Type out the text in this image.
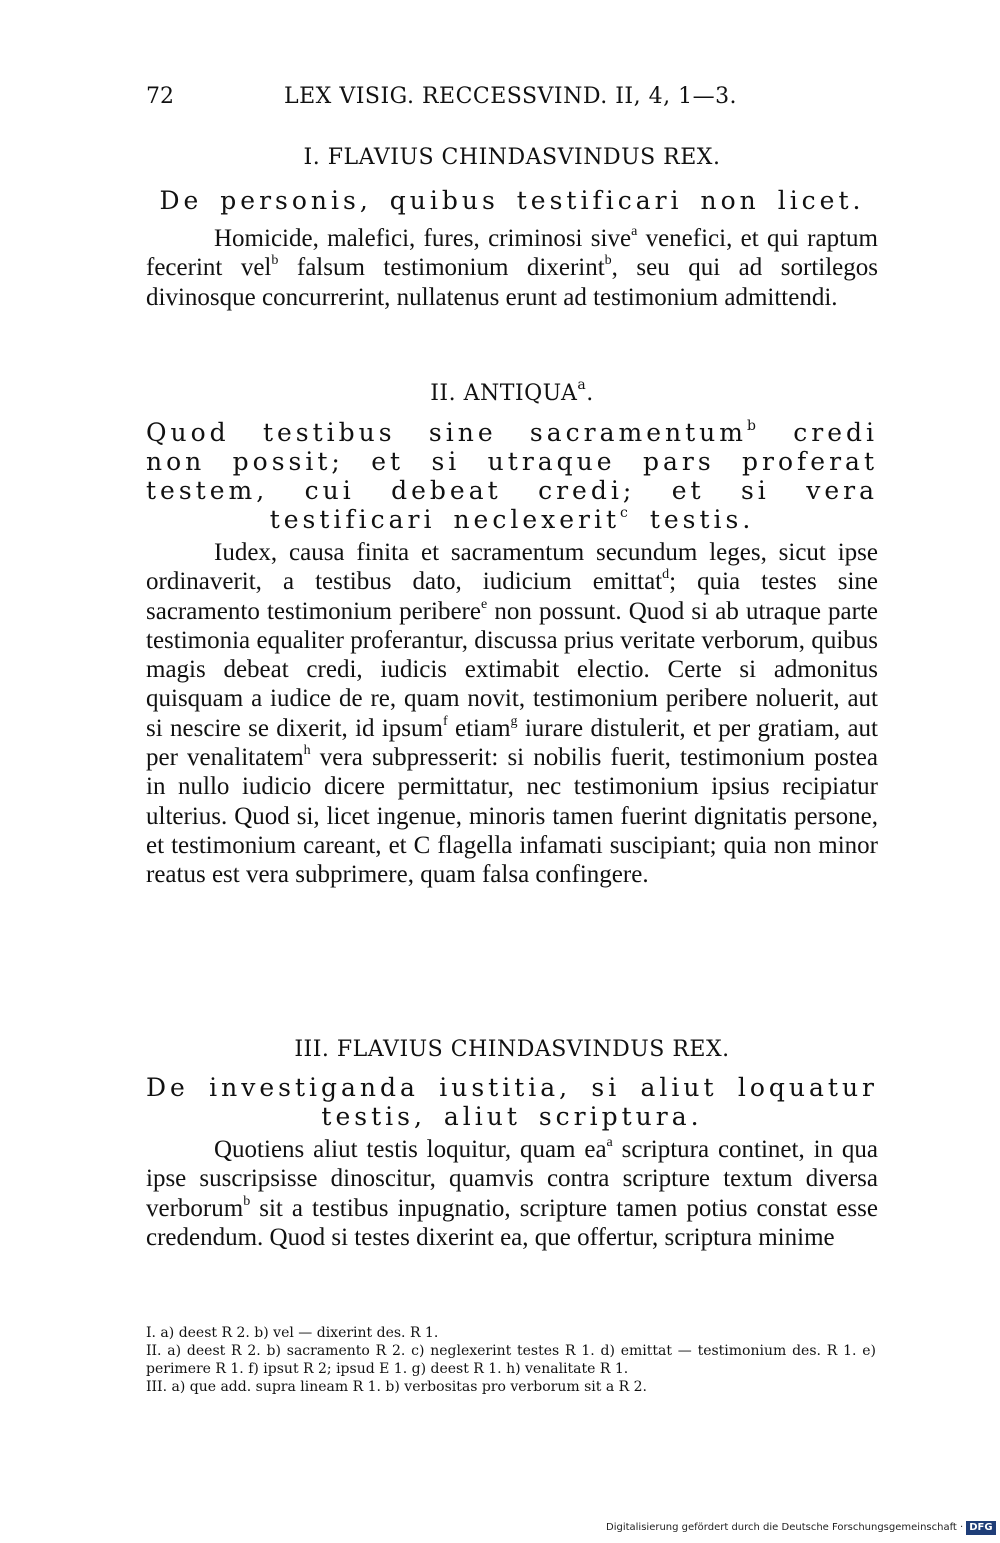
72	LEX VISIG. RECCESSVIND. II, 4, 1—3.
I. FLAVIUS CHINDASVINDUS REX.
De personis, quibus testificari non licet.

Homicide, malefici, fures, criminosi sive$^a$ venefici, et qui raptum fecerint vel$^b$ falsum testimonium dixerint$^b$, seu qui ad sortilegos divinosque concurrerint, nullatenus erunt ad testimonium admittendi.

II. ANTIQUA$^a$.
Quod testibus sine sacramentum$^b$ credi non possit; et si utraque pars proferat testem, cui debeat credi; et si vera testificari neclexerit$^c$ testis.

Iudex, causa finita et sacramentum secundum leges, sicut ipse ordinaverit, a testibus dato, iudicium emittat$^d$; quia testes sine sacramento testimonium peribere$^e$ non possunt. Quod si ab utraque parte testimonia equaliter proferantur, discussa prius veritate verborum, quibus magis debeat credi, iudicis extimabit electio. Certe si admonitus quisquam a iudice de re, quam novit, testimonium peribere noluerit, aut si nescire se dixerit, id ipsum$^f$ etiam$^g$ iurare distulerit, et per gratiam, aut per venalitatem$^h$ vera subpresserit: si nobilis fuerit, testimonium postea in nullo iudicio dicere permittatur, nec testimonium ipsius recipiatur ulterius. Quod si, licet ingenue, minoris tamen fuerint dignitatis persone, et testimonium careant, et C flagella infamati suscipiant; quia non minor reatus est vera subprimere, quam falsa confingere.

III. FLAVIUS CHINDASVINDUS REX.
De investiganda iustitia, si aliut loquatur testis, aliut scriptura.

Quotiens aliut testis loquitur, quam $ea^a$ scriptura continet, in qua ipse suscripsisse dinoscitur, quamvis contra scripture textum diversa verborum$^b$ sit a testibus inpugnatio, scripture tamen potius constat esse credendum. Quod si testes dixerint ea, que offertur, scriptura minime

I. a) deest R 2. b) vel — dixerint des. R 1.

II. a) deest R 2. b) sacramento R 2. c) neglexerint testes R 1. d) emittat — testimonium des. R 1. e) perimere R 1. f) ipsut R 2; ipsud E 1. g) deest R 1. h) venalitate R 1.

III. a) que add. supra lineam R 1. b) verbositas pro verborum sit a R 2.

Digitalisierung gefördert durch die Deutsche Forschungsgemeinschaft · DFG
